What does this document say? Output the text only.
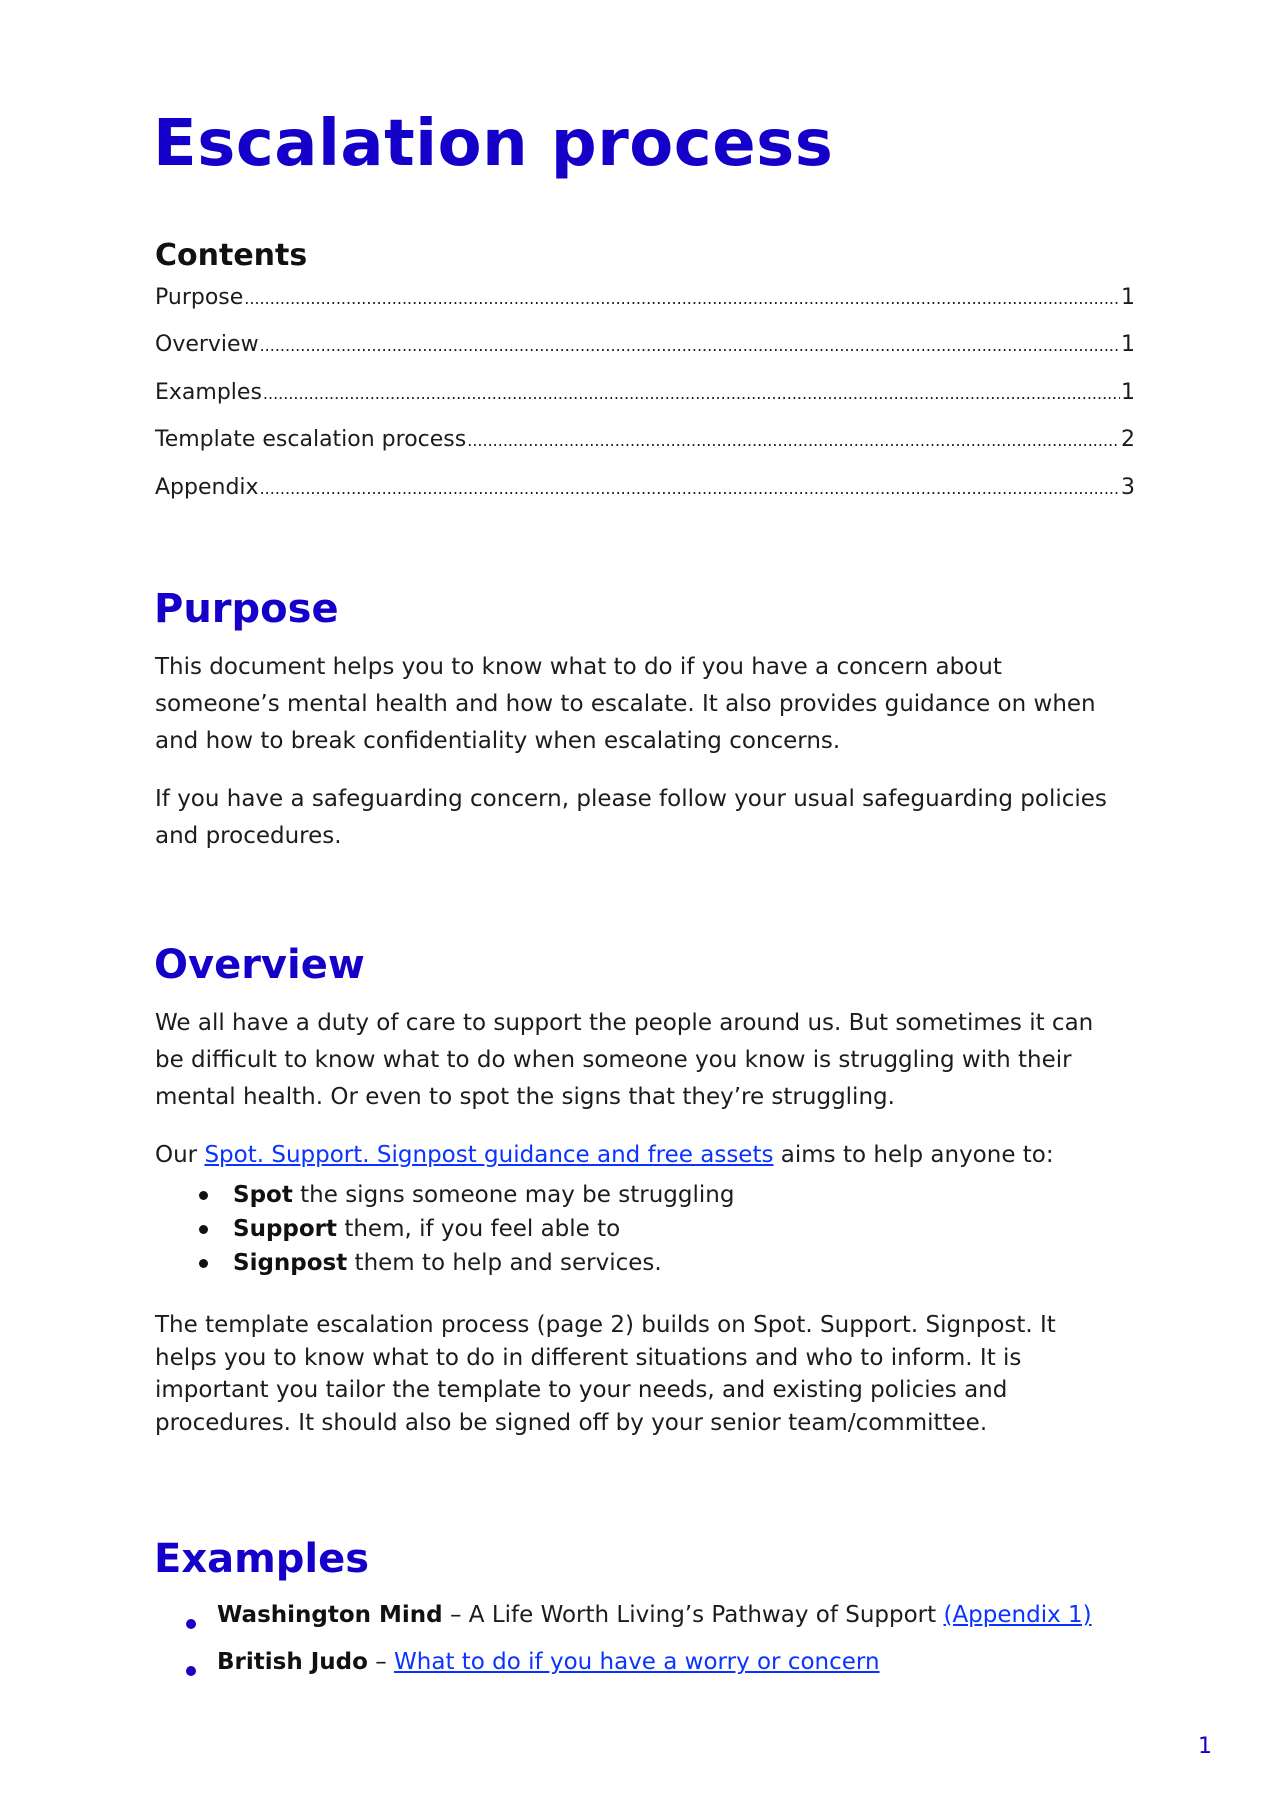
Escalation process
Contents
Purpose .....	1
Overview .....	1
Examples .....	1
Template escalation process .....	2
Appendix .....	3
Purpose

This document helps you to know what to do if you have a concern about

someone’s mental health and how to escalate. It also provides guidance on when

and how to break confidentiality when escalating concerns.

If you have a safeguarding concern, please follow your usual safeguarding policies

and procedures.

Overview

We all have a duty of care to support the people around us. But sometimes it can

be difficult to know what to do when someone you know is struggling with their

mental health. Or even to spot the signs that they’re struggling.

Our Spot. Support. Signpost guidance and free assets aims to help anyone to:

Spot the signs someone may be struggling
Support them, if you feel able to
Signpost them to help and services.

The template escalation process (page 2) builds on Spot. Support. Signpost. It

helps you to know what to do in different situations and who to inform. It is

important you tailor the template to your needs, and existing policies and

procedures. It should also be signed off by your senior team/committee.

Examples
Washington Mind – A Life Worth Living’s Pathway of Support (Appendix 1)
British Judo – What to do if you have a worry or concern
1
